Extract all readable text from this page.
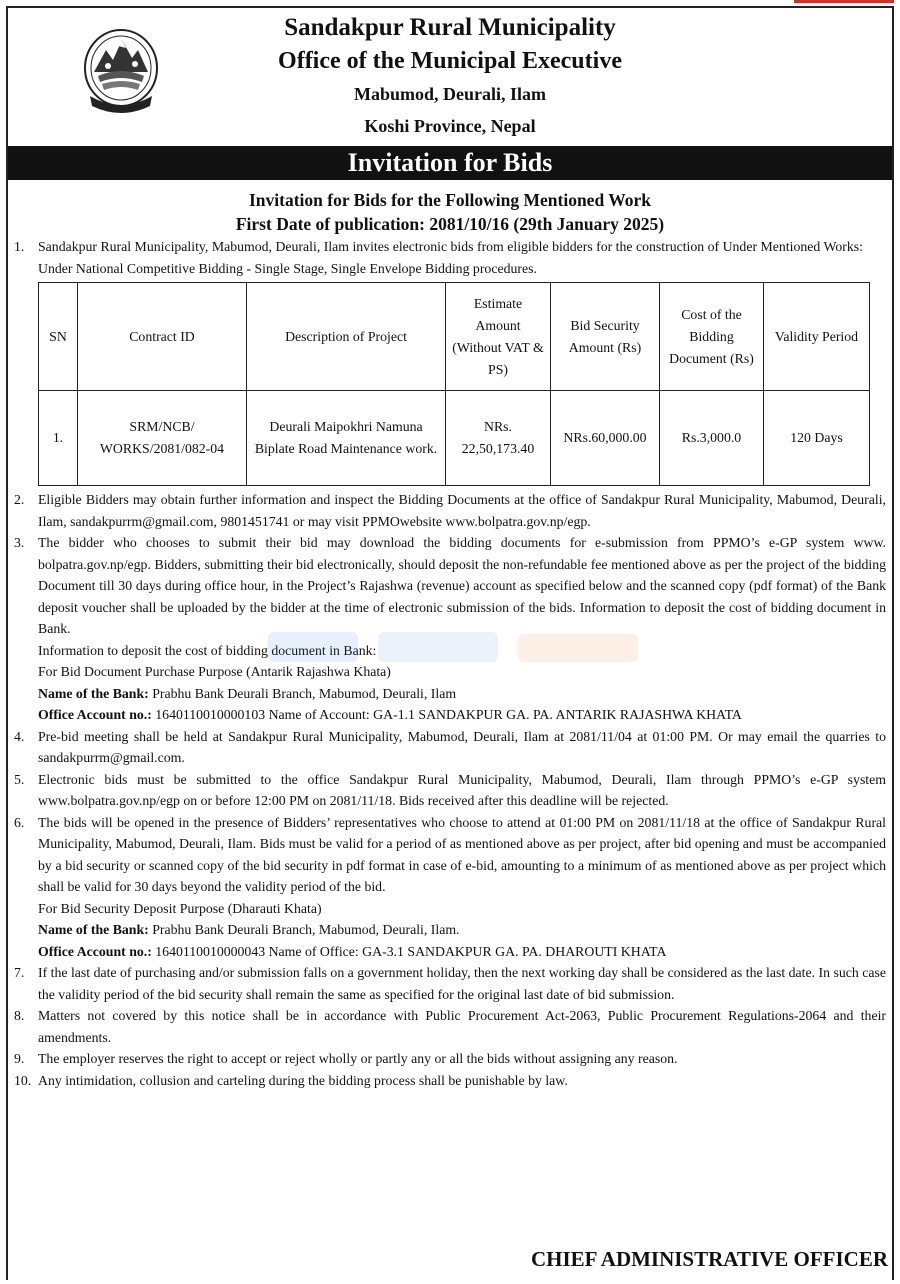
Sandakpur Rural Municipality
Office of the Municipal Executive
Mabumod, Deurali, Ilam
Koshi Province, Nepal
Invitation for Bids
Invitation for Bids for the Following Mentioned Work
First Date of publication: 2081/10/16 (29th January 2025)
1. Sandakpur Rural Municipality, Mabumod, Deurali, Ilam invites electronic bids from eligible bidders for the construction of Under Mentioned Works:
Under National Competitive Bidding - Single Stage, Single Envelope Bidding procedures.
SN	Contract ID	Description of Project	Estimate Amount (Without VAT & PS)	Bid Security Amount (Rs)	Cost of the Bidding Document (Rs)	Validity Period
1.	SRM/NCB/ WORKS/2081/082-04	Deurali Maipokhri Namuna Biplate Road Maintenance work.	NRs. 22,50,173.40	NRs.60,000.00	Rs.3,000.0	120 Days
2. Eligible Bidders may obtain further information and inspect the Bidding Documents at the office of Sandakpur Rural Municipality, Mabumod, Deurali, Ilam, sandakpurrm@gmail.com, 9801451741 or may visit PPMOwebsite www.bolpatra.gov.np/egp.
3. The bidder who chooses to submit their bid may download the bidding documents for e-submission from PPMO’s e-GP system www. bolpatra.gov.np/egp. Bidders, submitting their bid electronically, should deposit the non-refundable fee mentioned above as per the project of the bidding Document till 30 days during office hour, in the Project’s Rajashwa (revenue) account as specified below and the scanned copy (pdf format) of the Bank deposit voucher shall be uploaded by the bidder at the time of electronic submission of the bids. Information to deposit the cost of bidding document in Bank.
Information to deposit the cost of bidding document in Bank:
For Bid Document Purchase Purpose (Antarik Rajashwa Khata)
Name of the Bank: Prabhu Bank Deurali Branch, Mabumod, Deurali, Ilam
Office Account no.: 1640110010000103 Name of Account: GA-1.1 SANDAKPUR GA. PA. ANTARIK RAJASHWA KHATA
4. Pre-bid meeting shall be held at Sandakpur Rural Municipality, Mabumod, Deurali, Ilam at 2081/11/04 at 01:00 PM. Or may email the quarries to sandakpurrm@gmail.com.
5. Electronic bids must be submitted to the office Sandakpur Rural Municipality, Mabumod, Deurali, Ilam through PPMO’s e-GP system www.bolpatra.gov.np/egp on or before 12:00 PM on 2081/11/18. Bids received after this deadline will be rejected.
6. The bids will be opened in the presence of Bidders’ representatives who choose to attend at 01:00 PM on 2081/11/18 at the office of Sandakpur Rural Municipality, Mabumod, Deurali, Ilam. Bids must be valid for a period of as mentioned above as per project, after bid opening and must be accompanied by a bid security or scanned copy of the bid security in pdf format in case of e-bid, amounting to a minimum of as mentioned above as per project which shall be valid for 30 days beyond the validity period of the bid.
For Bid Security Deposit Purpose (Dharauti Khata)
Name of the Bank: Prabhu Bank Deurali Branch, Mabumod, Deurali, Ilam.
Office Account no.: 1640110010000043 Name of Office: GA-3.1 SANDAKPUR GA. PA. DHAROUTI KHATA
7. If the last date of purchasing and/or submission falls on a government holiday, then the next working day shall be considered as the last date. In such case the validity period of the bid security shall remain the same as specified for the original last date of bid submission.
8. Matters not covered by this notice shall be in accordance with Public Procurement Act-2063, Public Procurement Regulations-2064 and their amendments.
9. The employer reserves the right to accept or reject wholly or partly any or all the bids without assigning any reason.
10. Any intimidation, collusion and carteling during the bidding process shall be punishable by law.
CHIEF ADMINISTRATIVE OFFICER
